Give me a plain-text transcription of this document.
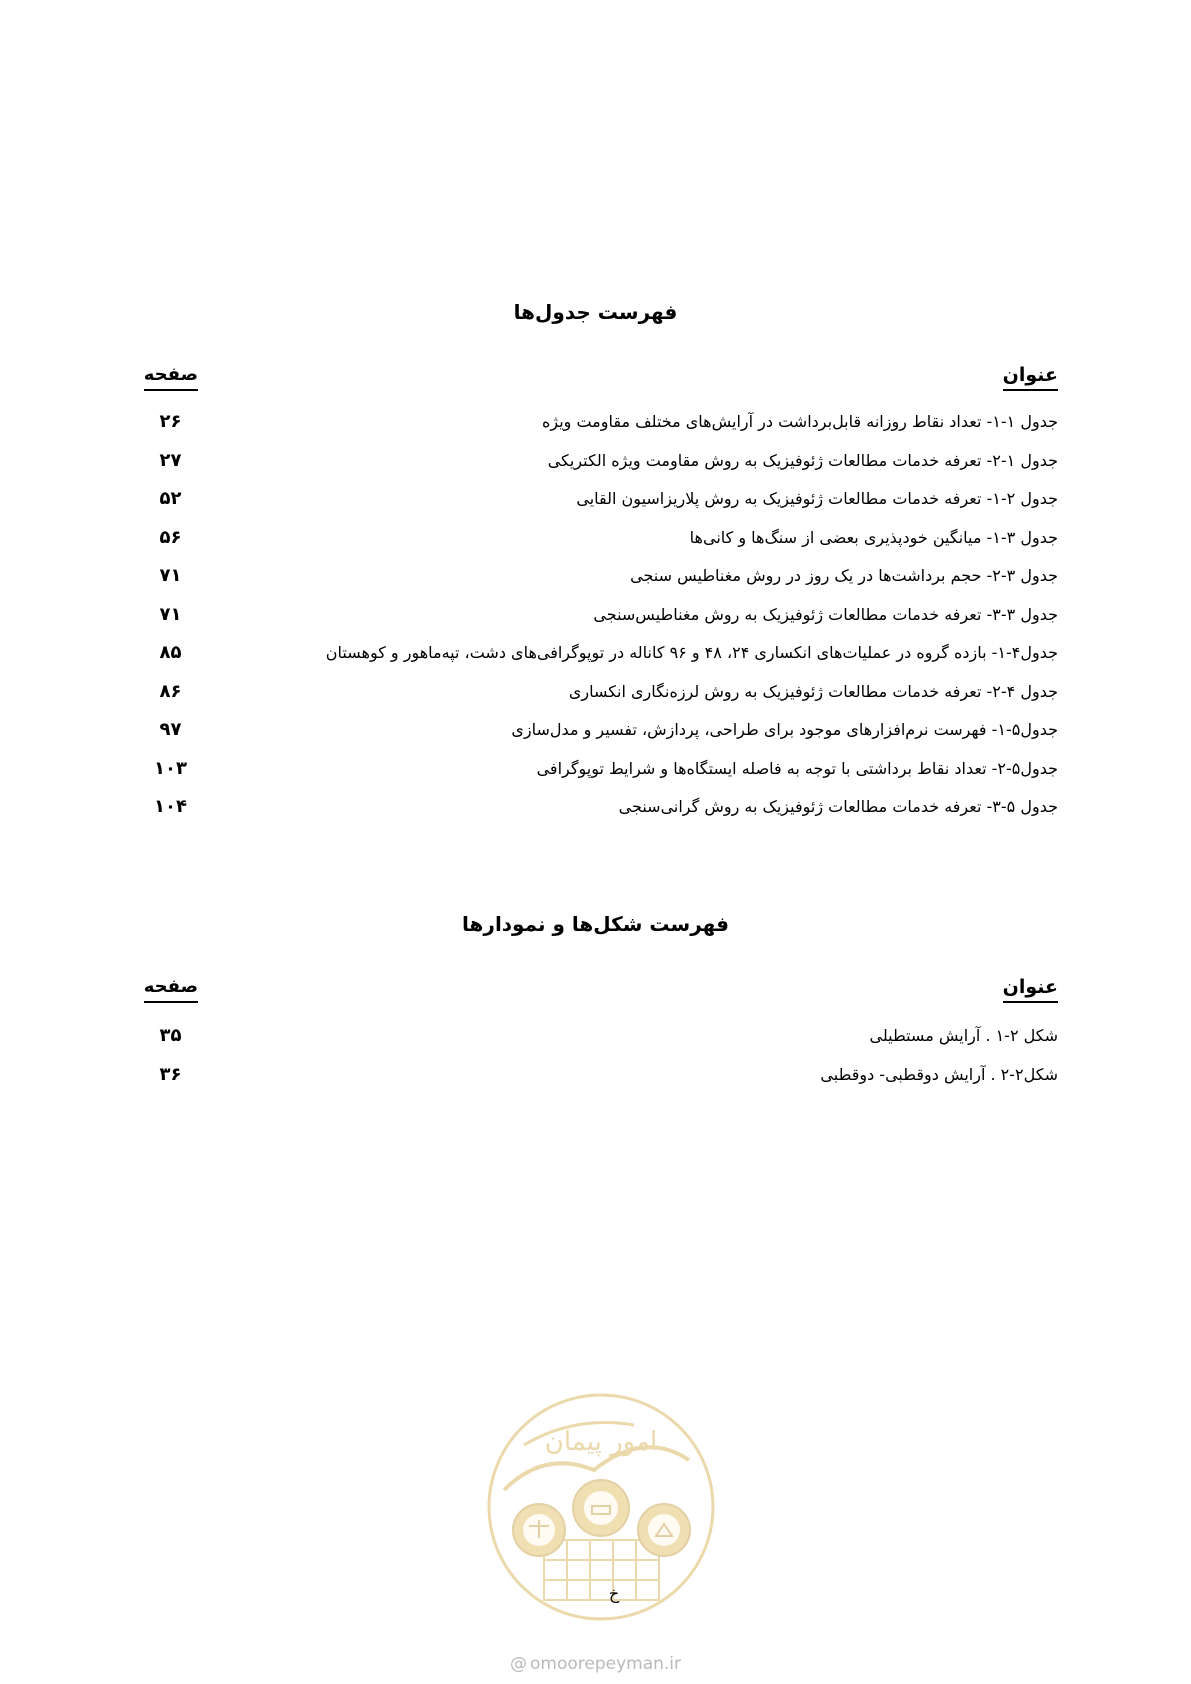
فهرست جدول‌ها
عنوان
صفحه
جدول ۱-۱- تعداد نقاط روزانه قابل‌برداشت در آرایش‌های مختلف مقاومت ویژه
۲۶
جدول ۱-۲- تعرفه خدمات مطالعات ژئوفیزیک به روش مقاومت ویژه الکتریکی
۲۷
جدول ۲-۱- تعرفه خدمات مطالعات ژئوفیزیک به روش پلاریزاسیون القایی
۵۲
جدول ۳-۱- میانگین خودپذیری بعضی از سنگ‌ها و کانی‌ها
۵۶
جدول ۳-۲- حجم برداشت‌ها در یک روز در روش مغناطیس سنجی
۷۱
جدول ۳-۳- تعرفه خدمات مطالعات ژئوفیزیک به روش مغناطیس‌سنجی
۷۱
جدول۴-۱- بازده گروه در عملیات‌های انکساری ۲۴، ۴۸ و ۹۶ کاناله در توپوگرافی‌های دشت، تپه‌ماهور و کوهستان
۸۵
جدول ۴-۲- تعرفه خدمات مطالعات ژئوفیزیک به روش لرزه‌نگاری انکساری
۸۶
جدول۵-۱- فهرست نرم‌افزارهای موجود برای طراحی، پردازش، تفسیر و مدل‌سازی
۹۷
جدول۵-۲- تعداد نقاط برداشتی با توجه به فاصله ایستگاه‌ها و شرایط توپوگرافی
۱۰۳
جدول ۵-۳- تعرفه خدمات مطالعات ژئوفیزیک به روش گرانی‌سنجی
۱۰۴
فهرست شکل‌ها و نمودارها
عنوان
صفحه
شکل ۲-۱ . آرایش مستطیلی
۳۵
شکل۲-۲ . آرایش دوقطبی- دوقطبی
۳۶
امور پیمان
خ
@ omoorepeyman.ir
